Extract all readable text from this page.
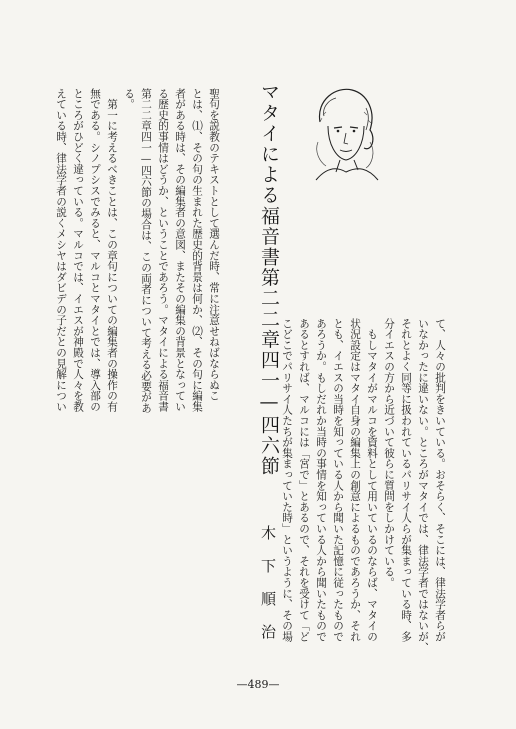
マタイによる福音書第二二章四一—四六節
木下順治
聖句を説教のテキストとして選んだ時、常に注意せねばならぬこ
とは、⑴、その句の生まれた歴史的背景は何か、⑵、その句に編集
者がある時は、その編集者の意図、またその編集の背景となってい
る歴史的事情はどうか、ということであろう。マタイによる福音書
第二二章四一—四六節の場合は、この両者について考える必要があ
る。
　第一に考えるべきことは、この章句についての編集者の操作の有
無である。シノプシスでみると、マルコとマタイとでは、導入部の
ところがひどく違っている。マルコでは、イエスが神殿で人々を教
えている時、律法学者の説くメシヤはダビデの子だとの見解につい
て、人々の批判をきいている。おそらく、そこには、律法学者らが
いなかったに違いない。ところがマタイでは、律法学者ではないが、
それとよく同等に扱われているパリサイ人らが集まっている時、多
分イエスの方から近づいて彼らに質問をしかけている。
　もしマタイがマルコを資料として用いているのならば、マタイの
状況設定はマタイ自身の編集上の創意によるものであろうか、それ
とも、イエスの当時を知っている人から聞いた記憶に従ったもので
あろうか。もしだれか当時の事情を知っている人から聞いたもので
あるとすれば、マルコには「宮で」とあるので、それを受けて「ど
こどこでパリサイ人たちが集まっていた時」というように、その場
—489—
